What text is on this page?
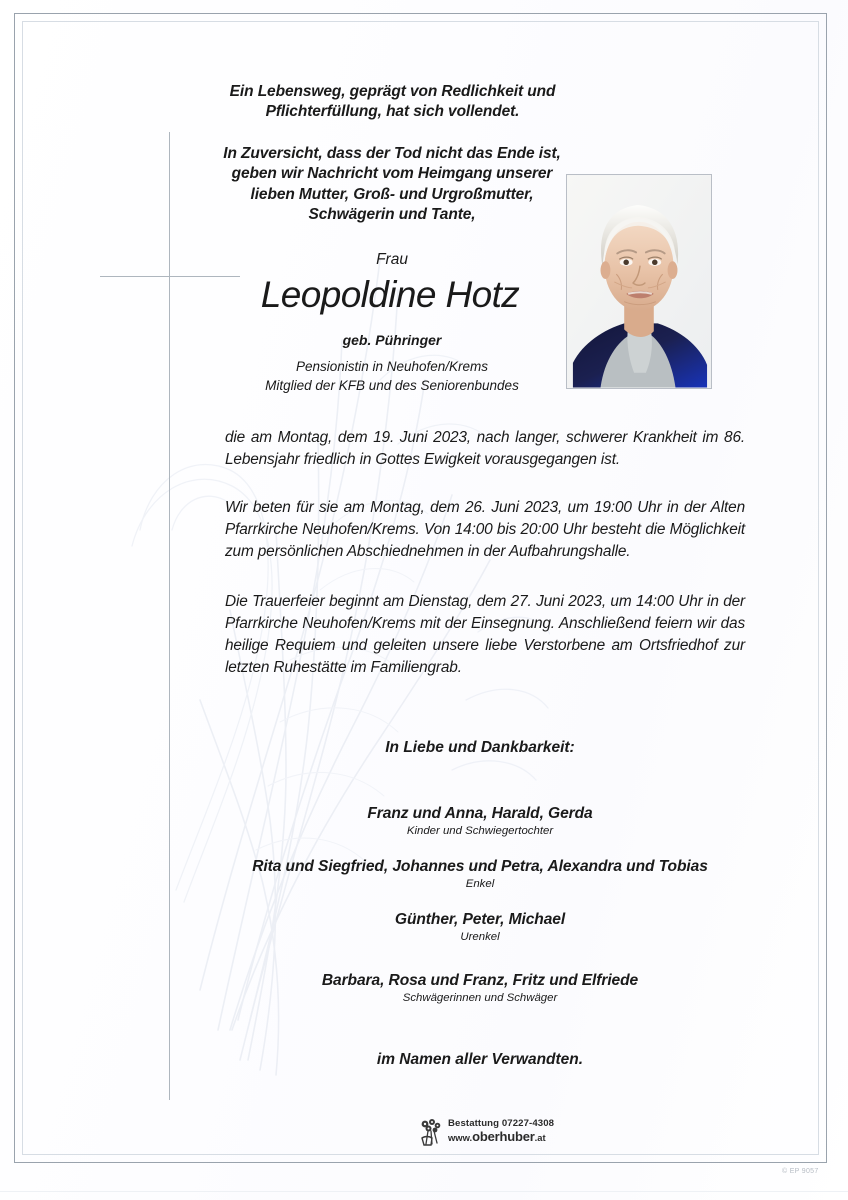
Ein Lebensweg, geprägt von Redlichkeit und
Pflichterfüllung, hat sich vollendet.
In Zuversicht, dass der Tod nicht das Ende ist,
geben wir Nachricht vom Heimgang unserer
lieben Mutter, Groß- und Urgroßmutter,
Schwägerin und Tante,
Frau
Leopoldine Hotz
geb. Pühringer
Pensionistin in Neuhofen/Krems
Mitglied der KFB und des Seniorenbundes
die am Montag, dem 19. Juni 2023, nach langer, schwerer Krankheit im 86. Lebensjahr friedlich in Gottes Ewigkeit vorausgegangen ist.
Wir beten für sie am Montag, dem 26. Juni 2023, um 19:00 Uhr in der Alten Pfarrkirche Neuhofen/Krems. Von 14:00 bis 20:00 Uhr besteht die Möglichkeit zum persönlichen Abschiednehmen in der Aufbahrungshalle.
Die Trauerfeier beginnt am Dienstag, dem 27. Juni 2023, um 14:00 Uhr in der Pfarrkirche Neuhofen/Krems mit der Einsegnung. Anschließend feiern wir das heilige Requiem und geleiten unsere liebe Verstorbene am Ortsfriedhof zur letzten Ruhestätte im Familiengrab.
In Liebe und Dankbarkeit:
Franz und Anna, Harald, Gerda
Kinder und Schwiegertochter
Rita und Siegfried, Johannes und Petra, Alexandra und Tobias
Enkel
Günther, Peter, Michael
Urenkel
Barbara, Rosa und Franz, Fritz und Elfriede
Schwägerinnen und Schwäger
im Namen aller Verwandten.
Bestattung 07227-4308
www.oberhuber.at
© EP 9057
